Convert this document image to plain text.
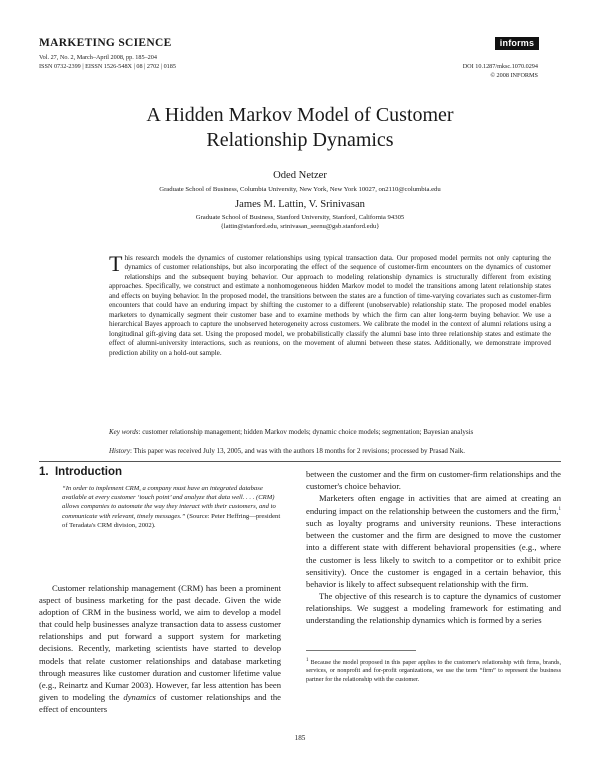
MARKETING SCIENCE
Vol. 27, No. 2, March–April 2008, pp. 185–204
ISSN 0732-2399 | EISSN 1526-548X | 08 | 2702 | 0185
informs
DOI 10.1287/mksc.1070.0294
© 2008 INFORMS
A Hidden Markov Model of Customer
Relationship Dynamics
Oded Netzer
Graduate School of Business, Columbia University, New York, New York 10027, on2110@columbia.edu
James M. Lattin, V. Srinivasan
Graduate School of Business, Stanford University, Stanford, California 94305
{lattin@stanford.edu, srinivasan_seenu@gsb.stanford.edu}
This research models the dynamics of customer relationships using typical transaction data. Our proposed model permits not only capturing the dynamics of customer relationships, but also incorporating the effect of the sequence of customer-firm encounters on the dynamics of customer relationships and the subsequent buying behavior. Our approach to modeling relationship dynamics is structurally different from existing approaches. Specifically, we construct and estimate a nonhomogeneous hidden Markov model to model the transitions among latent relationship states and effects on buying behavior. In the proposed model, the transitions between the states are a function of time-varying covariates such as customer-firm encounters that could have an enduring impact by shifting the customer to a different (unobservable) relationship state. The proposed model enables marketers to dynamically segment their customer base and to examine methods by which the firm can alter long-term buying behavior. We use a hierarchical Bayes approach to capture the unobserved heterogeneity across customers. We calibrate the model in the context of alumni relations using a longitudinal gift-giving data set. Using the proposed model, we probabilistically classify the alumni base into three relationship states and estimate the effect of alumni-university interactions, such as reunions, on the movement of alumni between these states. Additionally, we demonstrate improved prediction ability on a hold-out sample.
Key words: customer relationship management; hidden Markov models; dynamic choice models; segmentation; Bayesian analysis
History: This paper was received July 13, 2005, and was with the authors 18 months for 2 revisions; processed by Prasad Naik.
1. Introduction
“In order to implement CRM, a company must have an integrated database available at every customer ‘touch point’ and analyze that data well. . . . (CRM) allows companies to automate the way they interact with their customers, and to communicate with relevant, timely messages.” (Source: Peter Heffring—president of Teradata's CRM division, 2002).

Customer relationship management (CRM) has been a prominent aspect of business marketing for the past decade. Given the wide adoption of CRM in the business world, we aim to develop a model that could help businesses analyze transaction data to assess customer relationships and put forward a support system for marketing decisions. Recently, marketing scientists have started to develop models that relate customer relationships and database marketing through measures like customer duration and customer lifetime value (e.g., Reinartz and Kumar 2003). However, far less attention has been given to modeling the dynamics of customer relationships and the effect of encounters

between the customer and the firm on customer-firm relationships and the customer's choice behavior.

Marketers often engage in activities that are aimed at creating an enduring impact on the relationship between the customers and the firm,$^1$ such as loyalty programs and university reunions. These interactions between the customer and the firm are designed to move the customer into a different state with different behavioral propensities (e.g., where the customer is less likely to switch to a competitor or to exhibit price sensitivity). Once the customer is engaged in a certain behavior, this behavior is likely to affect subsequent relationship with the firm.

The objective of this research is to capture the dynamics of customer relationships. We suggest a modeling framework for estimating and understanding the relationship dynamics which is formed by a series

$^1$ Because the model proposed in this paper applies to the customer's relationship with firms, brands, services, or nonprofit and for-profit organizations, we use the term “firm” to represent the business partner for the relationship with the customer.
185
